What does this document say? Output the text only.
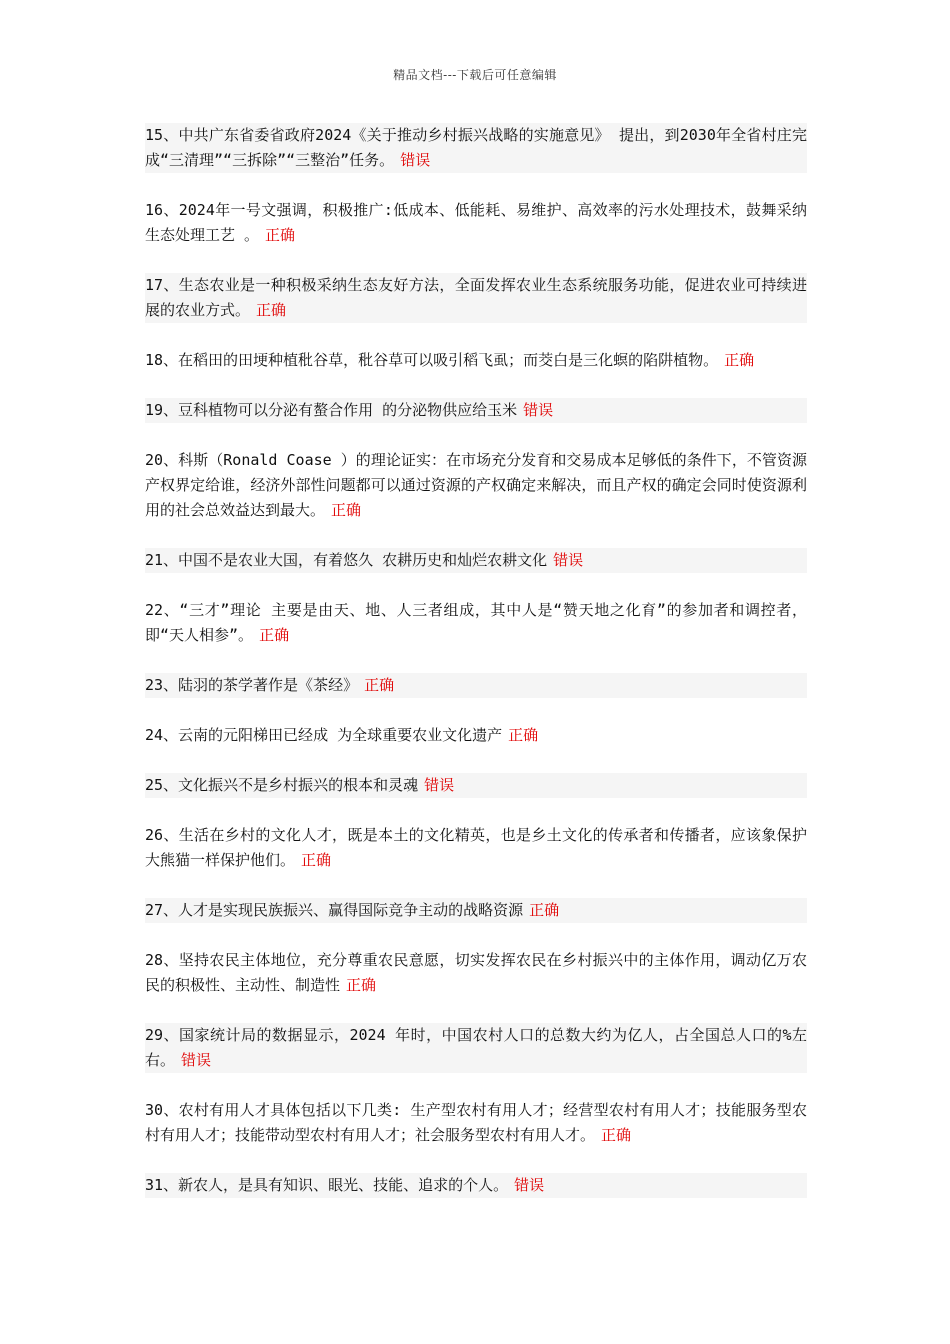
精品文档---下载后可任意编辑

15、中共广东省委省政府2024《关于推动乡村振兴战略的实施意见》 提出，到2030年全省村庄完成“三清理”“三拆除”“三整治”任务。 错误

16、2024年一号文强调，积极推广:低成本、低能耗、易维护、高效率的污水处理技术，鼓舞采纳生态处理工艺 。 正确

17、生态农业是一种积极采纳生态友好方法，全面发挥农业生态系统服务功能，促进农业可持续进展的农业方式。 正确

18、在稻田的田埂种植秕谷草，秕谷草可以吸引稻飞虱；而茭白是三化螟的陷阱植物。 正确

19、豆科植物可以分泌有螯合作用 的分泌物供应给玉米 错误

20、科斯（Ronald Coase ）的理论证实：在市场充分发育和交易成本足够低的条件下，不管资源产权界定给谁，经济外部性问题都可以通过资源的产权确定来解决，而且产权的确定会同时使资源利用的社会总效益达到最大。 正确

21、中国不是农业大国，有着悠久 农耕历史和灿烂农耕文化 错误

22、“三才”理论 主要是由天、地、人三者组成，其中人是“赞天地之化育”的参加者和调控者，即“天人相参”。 正确

23、陆羽的茶学著作是《茶经》 正确

24、云南的元阳梯田已经成 为全球重要农业文化遗产 正确

25、文化振兴不是乡村振兴的根本和灵魂 错误

26、生活在乡村的文化人才，既是本土的文化精英，也是乡土文化的传承者和传播者，应该象保护大熊猫一样保护他们。 正确

27、人才是实现民族振兴、赢得国际竞争主动的战略资源 正确

28、坚持农民主体地位，充分尊重农民意愿，切实发挥农民在乡村振兴中的主体作用，调动亿万农民的积极性、主动性、制造性 正确

29、国家统计局的数据显示，2024 年时，中国农村人口的总数大约为亿人，占全国总人口的%左右。 错误

30、农村有用人才具体包括以下几类: 生产型农村有用人才；经营型农村有用人才；技能服务型农村有用人才；技能带动型农村有用人才；社会服务型农村有用人才。 正确

31、新农人，是具有知识、眼光、技能、追求的个人。 错误
